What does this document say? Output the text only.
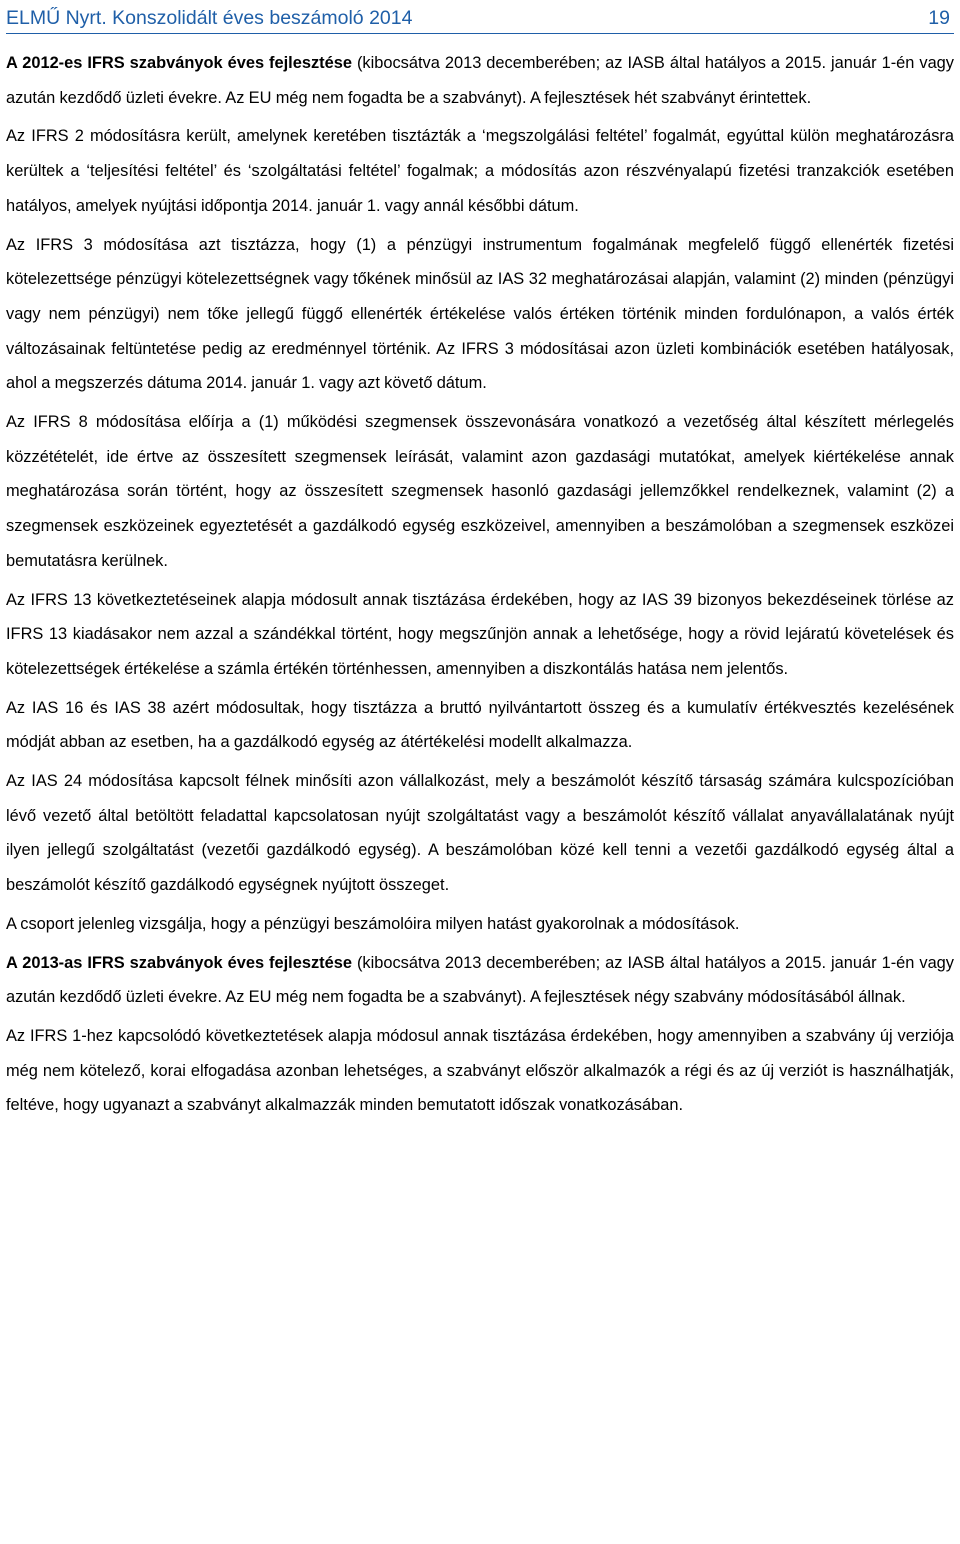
ELMŰ Nyrt. Konszolidált éves beszámoló 2014	19

A 2012-es IFRS szabványok éves fejlesztése (kibocsátva 2013 decemberében; az IASB által hatályos a 2015. január 1-én vagy azután kezdődő üzleti évekre. Az EU még nem fogadta be a szabványt). A fejlesztések hét szabványt érintettek.

Az IFRS 2 módosításra került, amelynek keretében tisztázták a ‘megszolgálási feltétel’ fogalmát, egyúttal külön meghatározásra kerültek a ‘teljesítési feltétel’ és ‘szolgáltatási feltétel’ fogalmak; a módosítás azon részvényalapú fizetési tranzakciók esetében hatályos, amelyek nyújtási időpontja 2014. január 1. vagy annál későbbi dátum.

Az IFRS 3 módosítása azt tisztázza, hogy (1) a pénzügyi instrumentum fogalmának megfelelő függő ellenérték fizetési kötelezettsége pénzügyi kötelezettségnek vagy tőkének minősül az IAS 32 meghatározásai alapján, valamint (2) minden (pénzügyi vagy nem pénzügyi) nem tőke jellegű függő ellenérték értékelése valós értéken történik minden fordulónapon, a valós érték változásainak feltüntetése pedig az eredménnyel történik. Az IFRS 3 módosításai azon üzleti kombinációk esetében hatályosak, ahol a megszerzés dátuma 2014. január 1. vagy azt követő dátum.

Az IFRS 8 módosítása előírja a (1) működési szegmensek összevonására vonatkozó a vezetőség által készített mérlegelés közzétételét, ide értve az összesített szegmensek leírását, valamint azon gazdasági mutatókat, amelyek kiértékelése annak meghatározása során történt, hogy az összesített szegmensek hasonló gazdasági jellemzőkkel rendelkeznek, valamint (2) a szegmensek eszközeinek egyeztetését a gazdálkodó egység eszközeivel, amennyiben a beszámolóban a szegmensek eszközei bemutatásra kerülnek.

Az IFRS 13 következtetéseinek alapja módosult annak tisztázása érdekében, hogy az IAS 39 bizonyos bekezdéseinek törlése az IFRS 13 kiadásakor nem azzal a szándékkal történt, hogy megszűnjön annak a lehetősége, hogy a rövid lejáratú követelések és kötelezettségek értékelése a számla értékén történhessen, amennyiben a diszkontálás hatása nem jelentős.

Az IAS 16 és IAS 38 azért módosultak, hogy tisztázza a bruttó nyilvántartott összeg és a kumulatív értékvesztés kezelésének módját abban az esetben, ha a gazdálkodó egység az átértékelési modellt alkalmazza.

Az IAS 24 módosítása kapcsolt félnek minősíti azon vállalkozást, mely a beszámolót készítő társaság számára kulcspozícióban lévő vezető által betöltött feladattal kapcsolatosan nyújt szolgáltatást vagy a beszámolót készítő vállalat anyavállalatának nyújt ilyen jellegű szolgáltatást (vezetői gazdálkodó egység). A beszámolóban közé kell tenni a vezetői gazdálkodó egység által a beszámolót készítő gazdálkodó egységnek nyújtott összeget.

A csoport jelenleg vizsgálja, hogy a pénzügyi beszámolóira milyen hatást gyakorolnak a módosítások.

A 2013-as IFRS szabványok éves fejlesztése (kibocsátva 2013 decemberében; az IASB által hatályos a 2015. január 1-én vagy azután kezdődő üzleti évekre. Az EU még nem fogadta be a szabványt). A fejlesztések négy szabvány módosításából állnak.

Az IFRS 1-hez kapcsolódó következtetések alapja módosul annak tisztázása érdekében, hogy amennyiben a szabvány új verziója még nem kötelező, korai elfogadása azonban lehetséges, a szabványt először alkalmazók a régi és az új verziót is használhatják, feltéve, hogy ugyanazt a szabványt alkalmazzák minden bemutatott időszak vonatkozásában.
